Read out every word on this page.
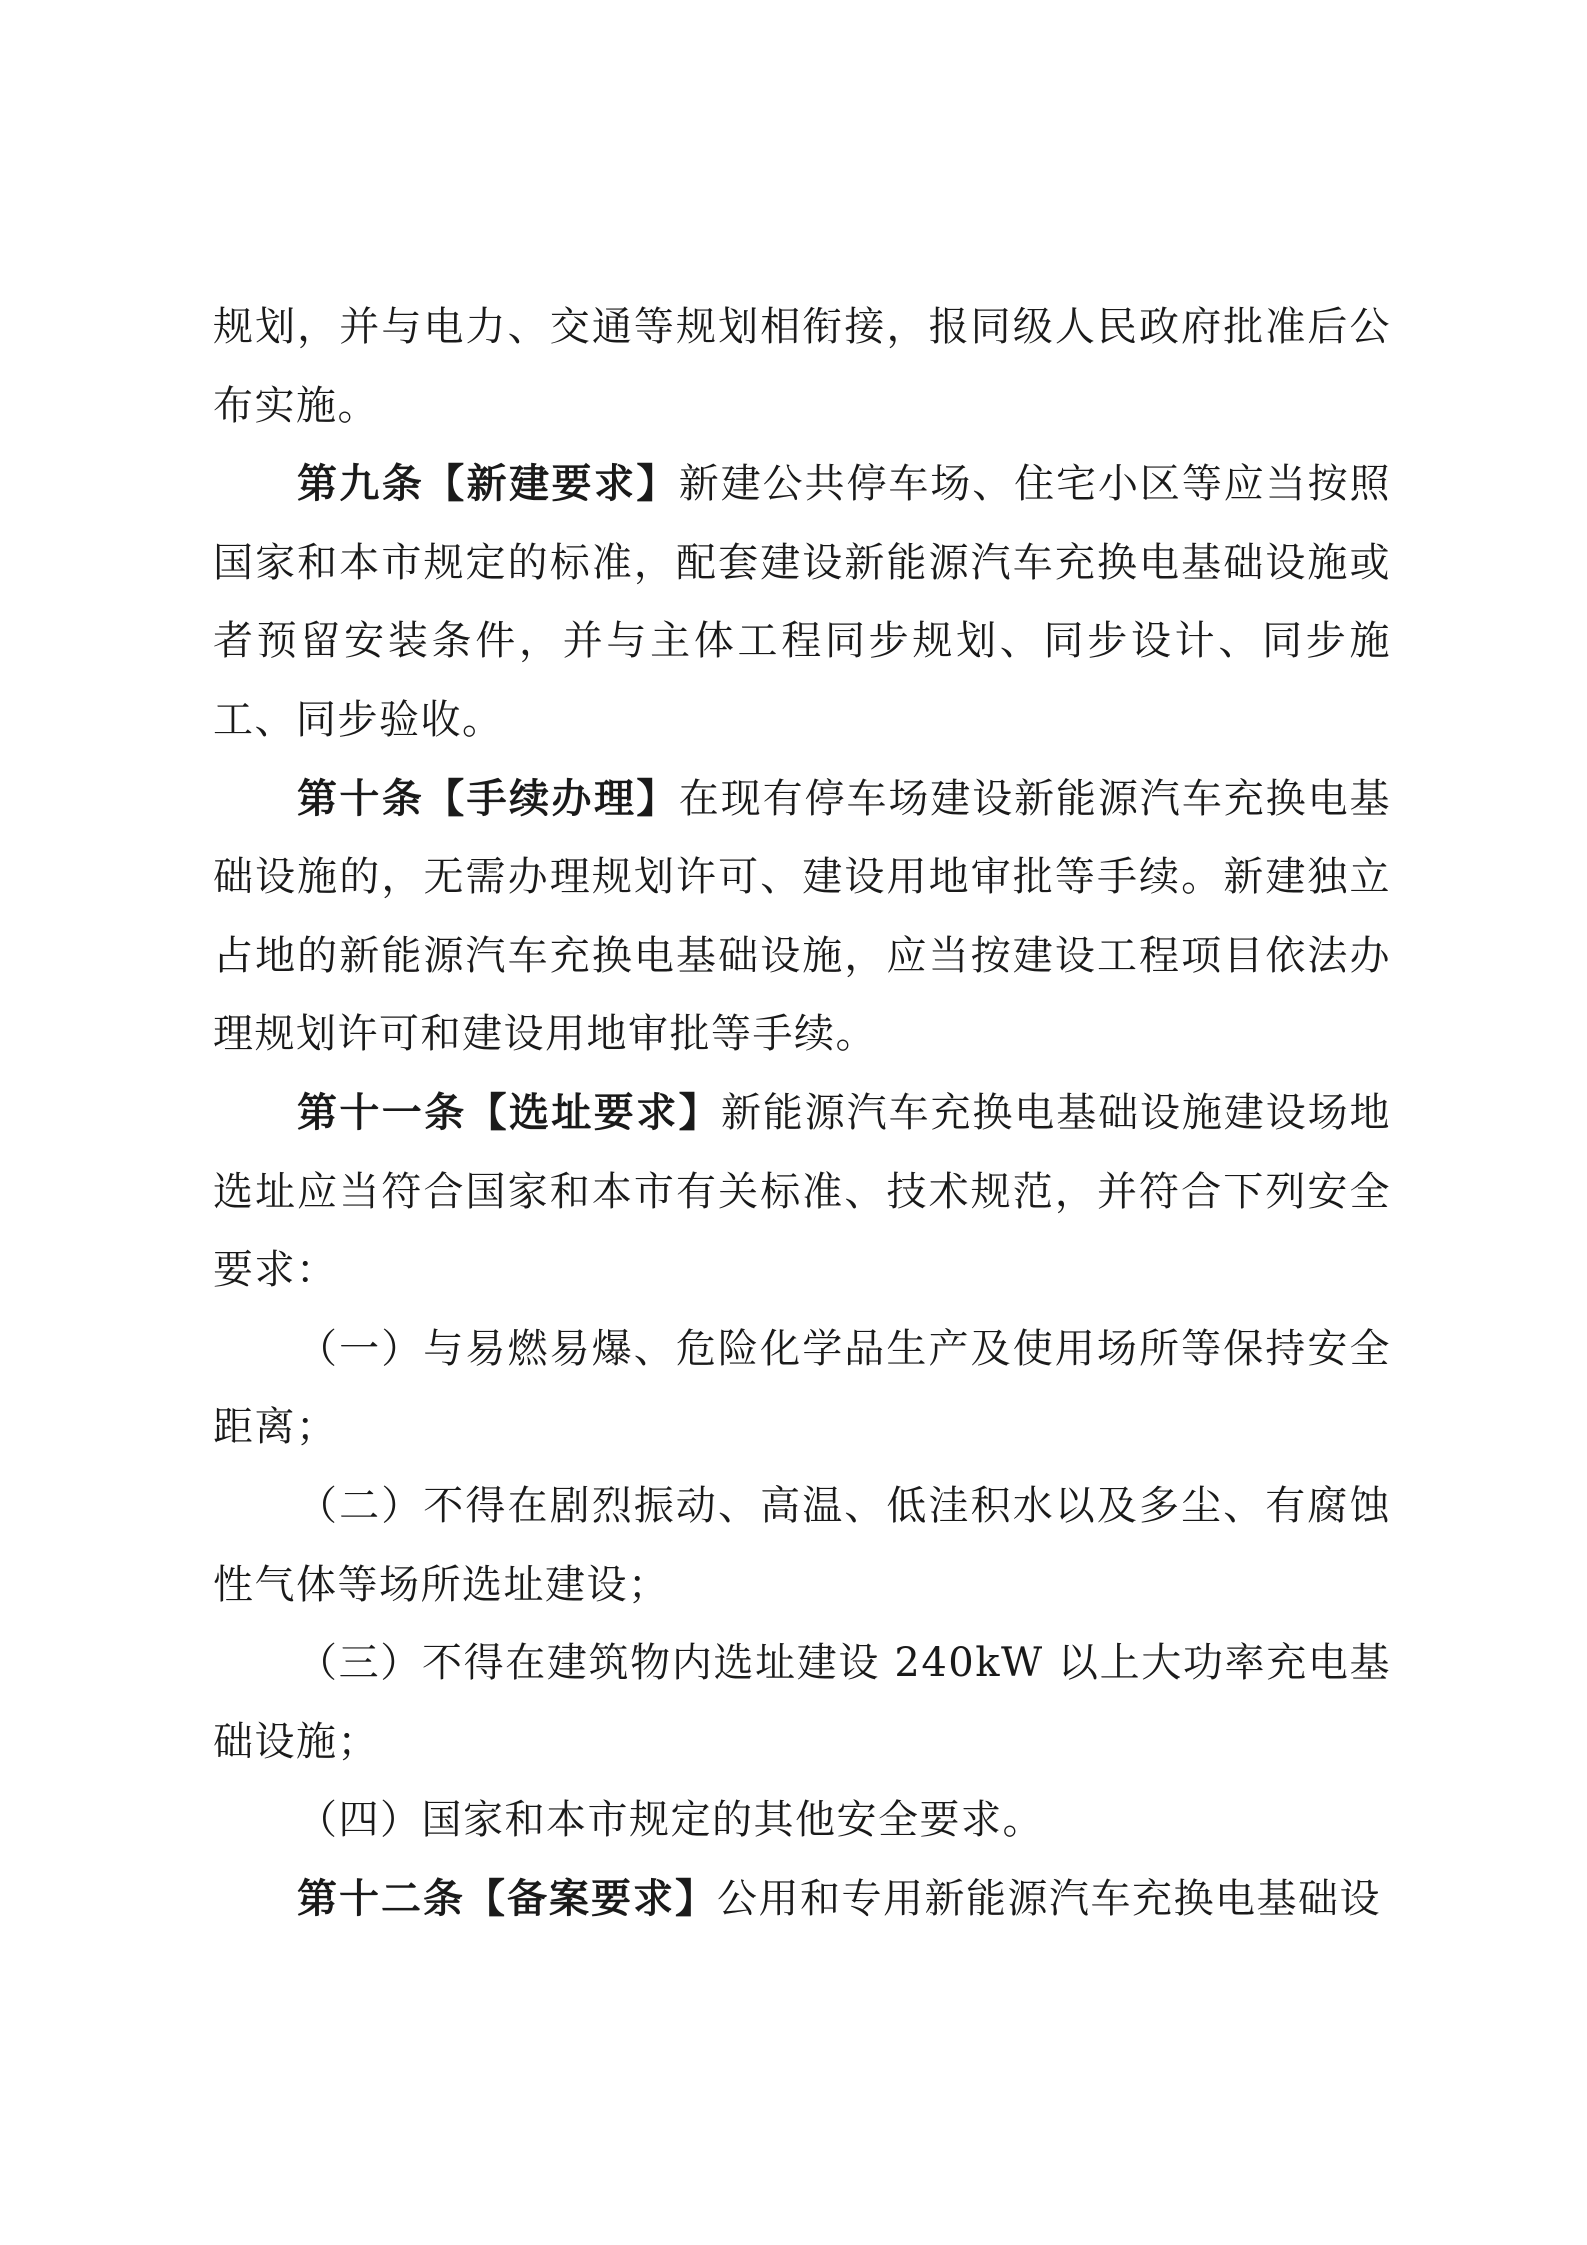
规划，并与电力、交通等规划相衔接，报同级人民政府批准后公布实施。

第九条【新建要求】新建公共停车场、住宅小区等应当按照国家和本市规定的标准，配套建设新能源汽车充换电基础设施或者预留安装条件，并与主体工程同步规划、同步设计、同步施工、同步验收。

第十条【手续办理】在现有停车场建设新能源汽车充换电基础设施的，无需办理规划许可、建设用地审批等手续。新建独立占地的新能源汽车充换电基础设施，应当按建设工程项目依法办理规划许可和建设用地审批等手续。

第十一条【选址要求】新能源汽车充换电基础设施建设场地选址应当符合国家和本市有关标准、技术规范，并符合下列安全要求：

（一）与易燃易爆、危险化学品生产及使用场所等保持安全距离；

（二）不得在剧烈振动、高温、低洼积水以及多尘、有腐蚀性气体等场所选址建设；

（三）不得在建筑物内选址建设 240kW 以上大功率充电基础设施；

（四）国家和本市规定的其他安全要求。

第十二条【备案要求】公用和专用新能源汽车充换电基础设
